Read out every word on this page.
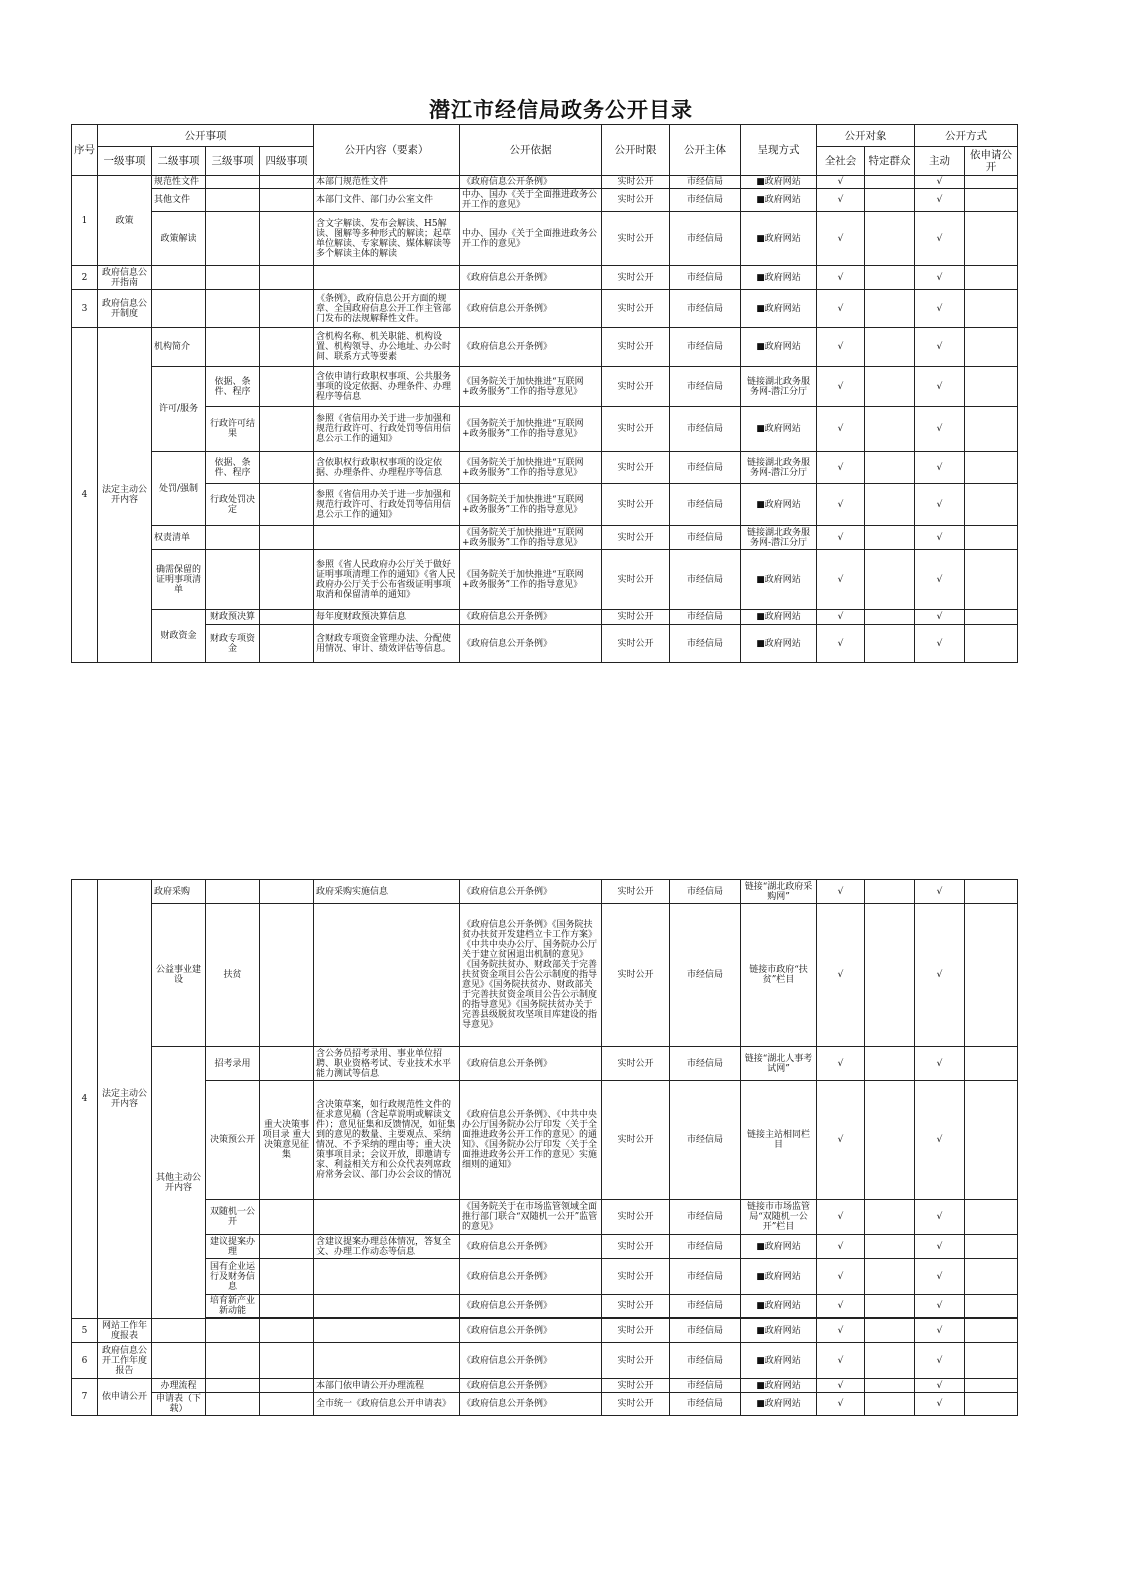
潜江市经信局政务公开目录
序号	公开事项				公开内容（要素）	公开依据	公开时限	公开主体	呈现方式	公开对象		公开方式	
	一级事项	二级事项	三级事项	四级事项						全社会	特定群众	主动	依申请公开
1	政策	规范性文件			本部门规范性文件	《政府信息公开条例》	实时公开	市经信局	■政府网站	√		√	
		其他文件			本部门文件、部门办公室文件	中办、国办《关于全面推进政务公开工作的意见》	实时公开	市经信局	■政府网站	√		√	
		政策解读			含文字解读、发布会解读、H5解读、图解等多种形式的解读；起草单位解读、专家解读、媒体解读等多个解读主体的解读	中办、国办《关于全面推进政务公开工作的意见》	实时公开	市经信局	■政府网站	√		√	
2	政府信息公开指南					《政府信息公开条例》	实时公开	市经信局	■政府网站	√		√	
3	政府信息公开制度				《条例》，政府信息公开方面的规章、全国政府信息公开工作主管部门发布的法规解释性文件。	《政府信息公开条例》	实时公开	市经信局	■政府网站	√		√	
4	法定主动公开内容	机构简介			含机构名称、机关职能、机构设置、机构领导、办公地址、办公时间、联系方式等要素	《政府信息公开条例》	实时公开	市经信局	■政府网站	√		√	
		许可/服务	依据、条件、程序		含依申请行政职权事项、公共服务事项的设定依据、办理条件、办理程序等信息	《国务院关于加快推进“互联网+政务服务”工作的指导意见》	实时公开	市经信局	链接湖北政务服务网-潜江分厅	√		√	
			行政许可结果		参照《省信用办关于进一步加强和规范行政许可、行政处罚等信用信息公示工作的通知》	《国务院关于加快推进“互联网+政务服务”工作的指导意见》	实时公开	市经信局	■政府网站	√		√	
		处罚/强制	依据、条件、程序		含依职权行政职权事项的设定依据、办理条件、办理程序等信息	《国务院关于加快推进“互联网+政务服务”工作的指导意见》	实时公开	市经信局	链接湖北政务服务网-潜江分厅	√		√	
			行政处罚决定		参照《省信用办关于进一步加强和规范行政许可、行政处罚等信用信息公示工作的通知》	《国务院关于加快推进“互联网+政务服务”工作的指导意见》	实时公开	市经信局	■政府网站	√		√	
		权责清单				《国务院关于加快推进“互联网+政务服务”工作的指导意见》	实时公开	市经信局	链接湖北政务服务网-潜江分厅	√		√	
		确需保留的证明事项清单			参照《省人民政府办公厅关于做好证明事项清理工作的通知》《省人民政府办公厅关于公布省级证明事项取消和保留清单的通知》	《国务院关于加快推进“互联网+政务服务”工作的指导意见》	实时公开	市经信局	■政府网站	√		√	
		财政资金	财政预决算		每年度财政预决算信息	《政府信息公开条例》	实时公开	市经信局	■政府网站	√		√	
			财政专项资金		含财政专项资金管理办法、分配使用情况、审计、绩效评估等信息。	《政府信息公开条例》	实时公开	市经信局	■政府网站	√		√	
4	法定主动公开内容	政府采购			政府采购实施信息	《政府信息公开条例》	实时公开	市经信局	链接“湖北政府采购网”	√		√	
		公益事业建设	扶贫			《政府信息公开条例》《国务院扶贫办扶贫开发建档立卡工作方案》《中共中央办公厅、国务院办公厅关于建立贫困退出机制的意见》《国务院扶贫办、财政部关于完善扶贫资金项目公告公示制度的指导意见》《国务院扶贫办、财政部关于完善扶贫资金项目公告公示制度的指导意见》《国务院扶贫办关于完善县级脱贫攻坚项目库建设的指导意见》	实时公开	市经信局	链接市政府“扶贫”栏目	√		√	
		其他主动公开内容	招考录用		含公务员招考录用、事业单位招聘、职业资格考试、专业技术水平能力测试等信息	《政府信息公开条例》	实时公开	市经信局	链接“湖北人事考试网”	√		√	
			决策预公开	重大决策事项目录 重大决策意见征集	含决策草案，如行政规范性文件的征求意见稿（含起草说明或解读文件）；意见征集和反馈情况，如征集到的意见的数量、主要观点、采纳情况、不予采纳的理由等；重大决策事项目录；会议开放，即邀请专家、利益相关方和公众代表列席政府常务会议、部门办公会议的情况	《政府信息公开条例》、《中共中央办公厅国务院办公厅印发〈关于全面推进政务公开工作的意见〉的通知》、《国务院办公厅印发〈关于全面推进政务公开工作的意见〉实施细则的通知》	实时公开	市经信局	链接主站相同栏目	√		√	
			双随机一公开			《国务院关于在市场监管领域全面推行部门联合“双随机一公开”监管的意见》	实时公开	市经信局	链接市市场监管局“双随机一公开”栏目	√		√	
			建议提案办理		含建议提案办理总体情况，答复全文、办理工作动态等信息	《政府信息公开条例》	实时公开	市经信局	■政府网站	√		√	
			国有企业运行及财务信息			《政府信息公开条例》	实时公开	市经信局	■政府网站	√		√	
			培育新产业新动能			《政府信息公开条例》	实时公开	市经信局	■政府网站	√		√	

5	网站工作年度报表					《政府信息公开条例》	实时公开	市经信局	■政府网站	√		√	
6	政府信息公开工作年度报告					《政府信息公开条例》	实时公开	市经信局	■政府网站	√		√	
7	依申请公开	办理流程			本部门依申请公开办理流程	《政府信息公开条例》	实时公开	市经信局	■政府网站	√		√	
		申请表（下载）			全市统一《政府信息公开申请表》	《政府信息公开条例》	实时公开	市经信局	■政府网站	√		√	
